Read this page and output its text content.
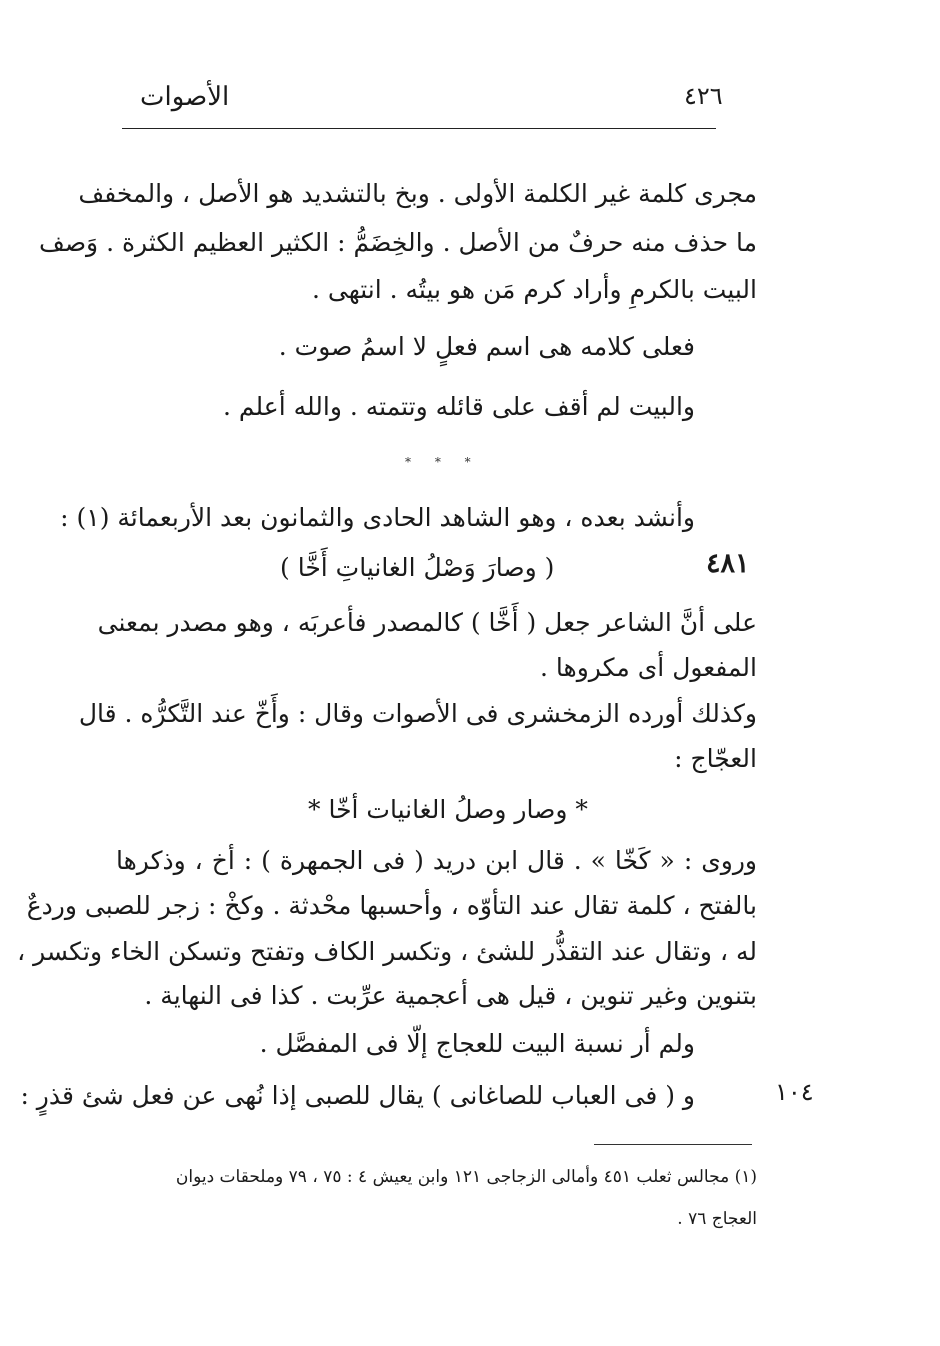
الأصوات	٤٢٦
مجرى كلمة غير الكلمة الأولى . وبخ بالتشديد هو الأصل ، والمخفف
ما حذف منه حرفٌ من الأصل . والخِضَمُّ : الكثير العظيم الكثرة . وَصف
البيت بالكرمِ وأراد كرم مَن هو بيتُه . انتهى .
فعلى كلامه هى اسم فعلٍ لا اسمُ صوت .
والبيت لم أقف على قائله وتتمته . والله أعلم .
* * *
وأنشد بعده ، وهو الشاهد الحادى والثمانون بعد الأربعمائة (١) :
٤٨١
( وصارَ وَصْلُ الغانياتِ أَخَّا )
على أنَّ الشاعر جعل ( أَخَّا ) كالمصدر فأعربَه ، وهو مصدر بمعنى
المفعول أى مكروها .
وكذلك أورده الزمخشرى فى الأصوات وقال : وأَخّ عند التَّكرُّه . قال
العجّاج :
* وصار وصلُ الغانيات أخّا *
وروى : « كَخّا » . قال ابن دريد ( فى الجمهرة ) : أخ ، وذكرها
بالفتح ، كلمة تقال عند التأوّه ، وأحسبها محْدثة . وكخْ : زجر للصبى وردعٌ
له ، وتقال عند التقذُّر للشئ ، وتكسر الكاف وتفتح وتسكن الخاء وتكسر ،
بتنوين وغير تنوين ، قيل هى أعجمية عرِّبت . كذا فى النهاية .
ولم أر نسبة البيت للعجاج إلّا فى المفصَّل .
و ( فى العباب للصاغانى ) يقال للصبى إذا نُهى عن فعل شئ قذرٍ :	١٠٤
(١) مجالس ثعلب ٤٥١ وأمالى الزجاجى ١٢١ وابن يعيش ٤ : ٧٥ ، ٧٩ وملحقات ديوان
العجاج ٧٦ .
